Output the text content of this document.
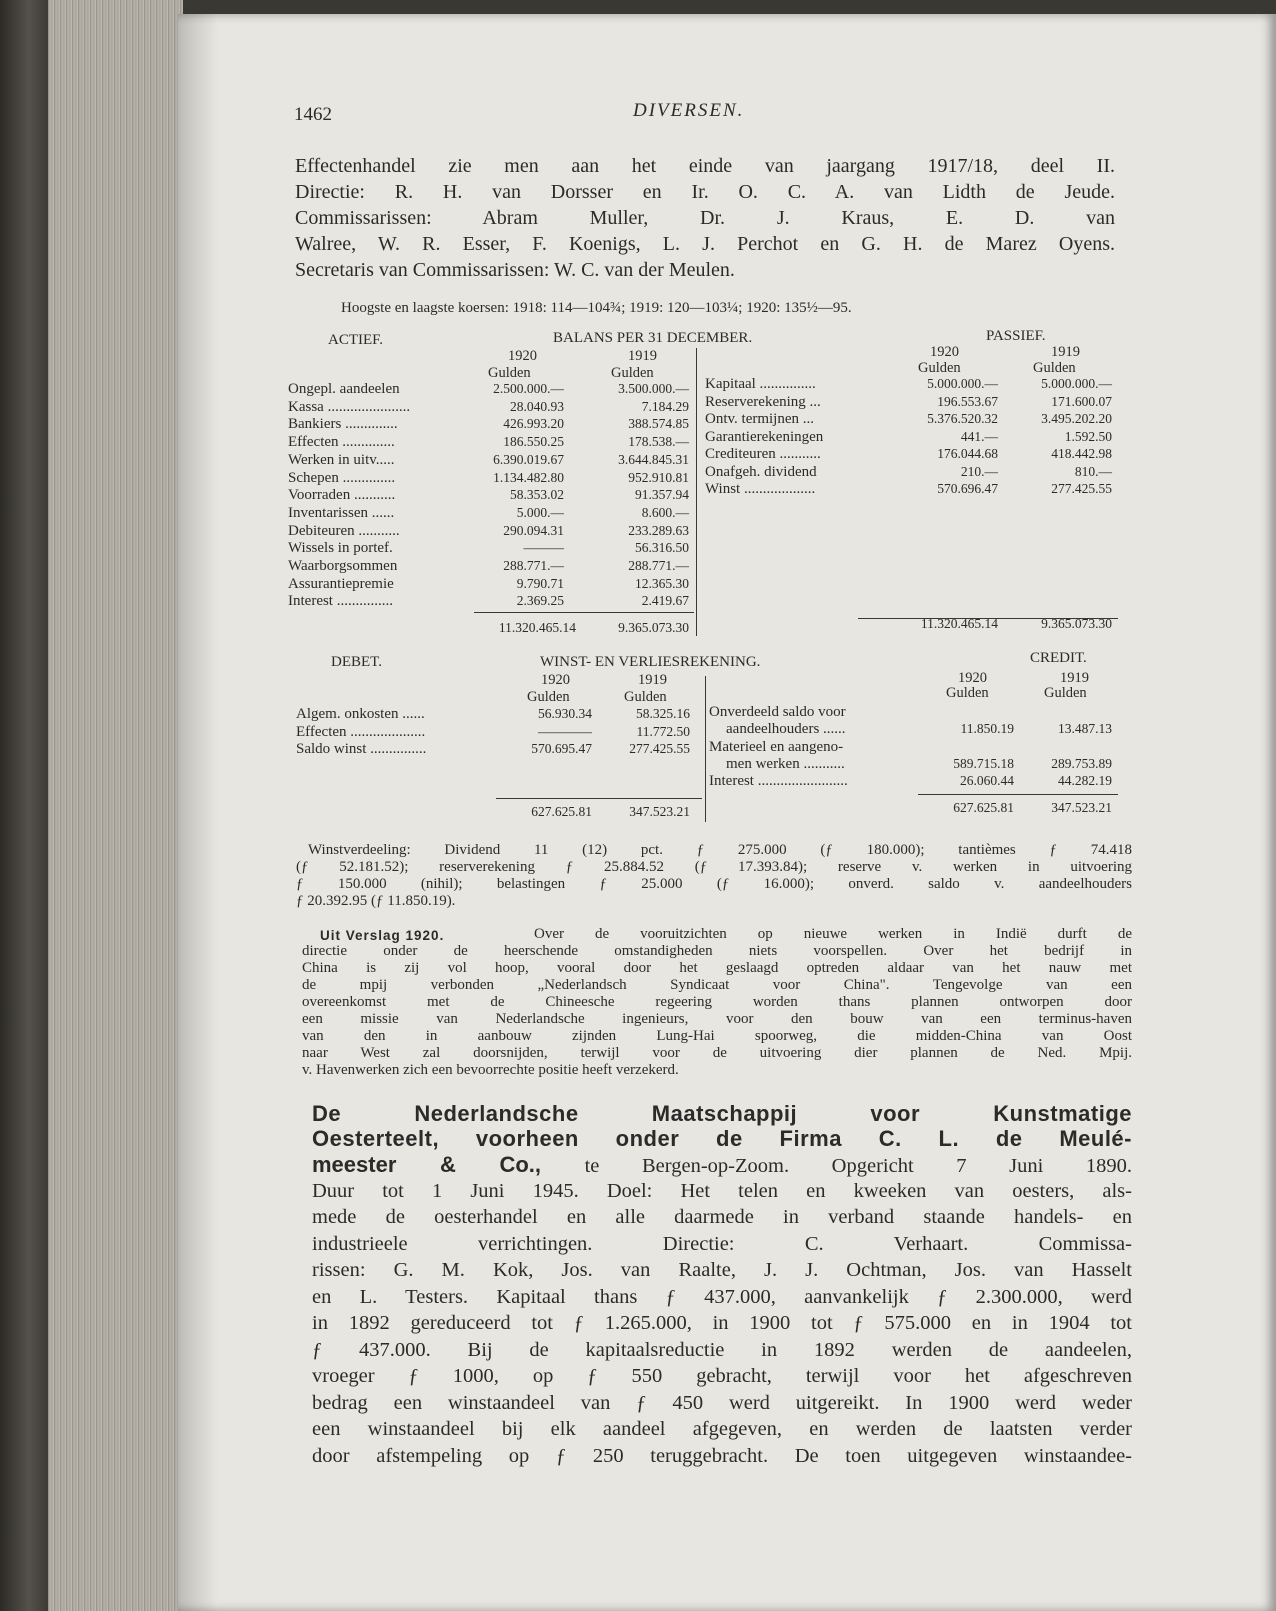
1462	DIVERSEN.
Effectenhandel zie men aan het einde van jaargang 1917/18, deel II.
Directie: R. H. van Dorsser en Ir. O. C. A. van Lidth de Jeude.
Commissarissen: Abram Muller, Dr. J. Kraus, E. D. van
Walree, W. R. Esser, F. Koenigs, L. J. Perchot en G. H. de Marez Oyens.
Secretaris van Commissarissen: W. C. van der Meulen.
Hoogste en laagste koersen: 1918: 114—104¾; 1919: 120—103¼; 1920: 135½—95.
ACTIEF.	BALANS PER 31 DECEMBER.	PASSIEF.
1920	1919
Gulden	Gulden
1920	1919
Gulden	Gulden
Ongepl. aandeelen	2.500.000.—	3.500.000.—
Kassa ......................	28.040.93	7.184.29
Bankiers ..............	426.993.20	388.574.85
Effecten ..............	186.550.25	178.538.—
Werken in uitv.....	6.390.019.67	3.644.845.31
Schepen ..............	1.134.482.80	952.910.81
Voorraden ...........	58.353.02	91.357.94
Inventarissen ......	5.000.—	8.600.—
Debiteuren ...........	290.094.31	233.289.63
Wissels in portef.	———	56.316.50
Waarborgsommen	288.771.—	288.771.—
Assurantiepremie	9.790.71	12.365.30
Interest ...............	2.369.25	2.419.67
Kapitaal ...............	5.000.000.—	5.000.000.—
Reserverekening ...	196.553.67	171.600.07
Ontv. termijnen ...	5.376.520.32	3.495.202.20
Garantierekeningen	441.—	1.592.50
Crediteuren ...........	176.044.68	418.442.98
Onafgeh. dividend	210.—	810.—
Winst ...................	570.696.47	277.425.55
11.320.465.14	9.365.073.30	11.320.465.14	9.365.073.30
DEBET.	WINST- EN VERLIESREKENING.	CREDIT.
1920	1919
Gulden	Gulden
1920	1919
Gulden	Gulden
Algem. onkosten ......	56.930.34	58.325.16
Effecten ....................	————	11.772.50
Saldo winst ...............	570.695.47	277.425.55
Onverdeeld saldo voor
aandeelhouders ......	11.850.19	13.487.13
Materieel en aangeno-
men werken ...........	589.715.18	289.753.89
Interest ........................	26.060.44	44.282.19
627.625.81	347.523.21	627.625.81	347.523.21
Winstverdeeling: Dividend 11 (12) pct. ƒ 275.000 (ƒ 180.000); tantièmes ƒ 74.418
(ƒ 52.181.52); reserverekening ƒ 25.884.52 (ƒ 17.393.84); reserve v. werken in uitvoering
ƒ 150.000 (nihil); belastingen ƒ 25.000 (ƒ 16.000); onverd. saldo v. aandeelhouders
ƒ 20.392.95 (ƒ 11.850.19).
Uit Verslag 1920.	Over de vooruitzichten op nieuwe werken in Indië durft de
directie onder de heerschende omstandigheden niets voorspellen. Over het bedrijf in
China is zij vol hoop, vooral door het geslaagd optreden aldaar van het nauw met
de mpij verbonden „Nederlandsch Syndicaat voor China". Tengevolge van een
overeenkomst met de Chineesche regeering worden thans plannen ontworpen door
een missie van Nederlandsche ingenieurs, voor den bouw van een terminus-haven
van den in aanbouw zijnden Lung-Hai spoorweg, die midden-China van Oost
naar West zal doorsnijden, terwijl voor de uitvoering dier plannen de Ned. Mpij.
v. Havenwerken zich een bevoorrechte positie heeft verzekerd.
De Nederlandsche Maatschappij voor Kunstmatige
Oesterteelt, voorheen onder de Firma C. L. de Meulé-
meester & Co., te Bergen-op-Zoom. Opgericht 7 Juni 1890.
Duur tot 1 Juni 1945. Doel: Het telen en kweeken van oesters, als-
mede de oesterhandel en alle daarmede in verband staande handels- en
industrieele verrichtingen. Directie: C. Verhaart. Commissa-
rissen: G. M. Kok, Jos. van Raalte, J. J. Ochtman, Jos. van Hasselt
en L. Testers. Kapitaal thans ƒ 437.000, aanvankelijk ƒ 2.300.000, werd
in 1892 gereduceerd tot ƒ 1.265.000, in 1900 tot ƒ 575.000 en in 1904 tot
ƒ 437.000. Bij de kapitaalsreductie in 1892 werden de aandeelen,
vroeger ƒ 1000, op ƒ 550 gebracht, terwijl voor het afgeschreven
bedrag een winstaandeel van ƒ 450 werd uitgereikt. In 1900 werd weder
een winstaandeel bij elk aandeel afgegeven, en werden de laatsten verder
door afstempeling op ƒ 250 teruggebracht. De toen uitgegeven winstaandee-
